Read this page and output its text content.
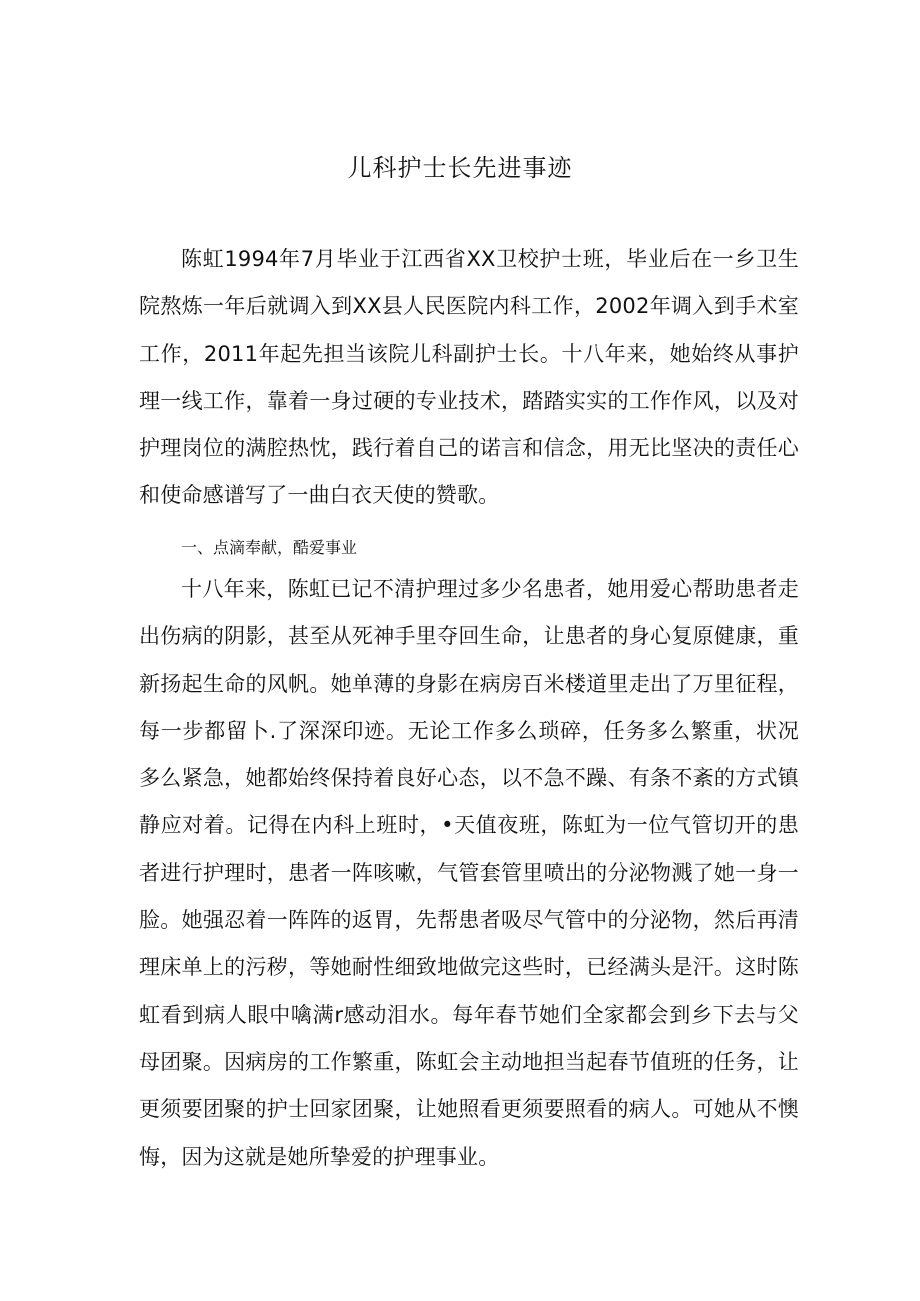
儿科护士长先进事迹

陈虹1994年7月毕业于江西省XX卫校护士班，毕业后在一乡卫生院熬炼一年后就调入到XX县人民医院内科工作，2002年调入到手术室工作，2011年起先担当该院儿科副护士长。十八年来，她始终从事护理一线工作，靠着一身过硬的专业技术，踏踏实实的工作作风，以及对护理岗位的满腔热忱，践行着自己的诺言和信念，用无比坚决的责任心和使命感谱写了一曲白衣天使的赞歌。

一、点滴奉献，酷爱事业

十八年来，陈虹已记不清护理过多少名患者，她用爱心帮助患者走出伤病的阴影，甚至从死神手里夺回生命，让患者的身心复原健康，重新扬起生命的风帆。她单薄的身影在病房百米楼道里走出了万里征程，每一步都留卜.了深深印迹。无论工作多么琐碎，任务多么繁重，状况多么紧急，她都始终保持着良好心态，以不急不躁、有条不紊的方式镇静应对着。记得在内科上班时，•天值夜班，陈虹为一位气管切开的患者进行护理时，患者一阵咳嗽，气管套管里喷出的分泌物溅了她一身一脸。她强忍着一阵阵的返胃，先帮患者吸尽气管中的分泌物，然后再清理床单上的污秽，等她耐性细致地做完这些时，已经满头是汗。这时陈虹看到病人眼中噙满r感动泪水。每年春节她们全家都会到乡下去与父母团聚。因病房的工作繁重，陈虹会主动地担当起春节值班的任务，让更须要团聚的护士回家团聚，让她照看更须要照看的病人。可她从不懊悔，因为这就是她所挚爱的护理事业。
